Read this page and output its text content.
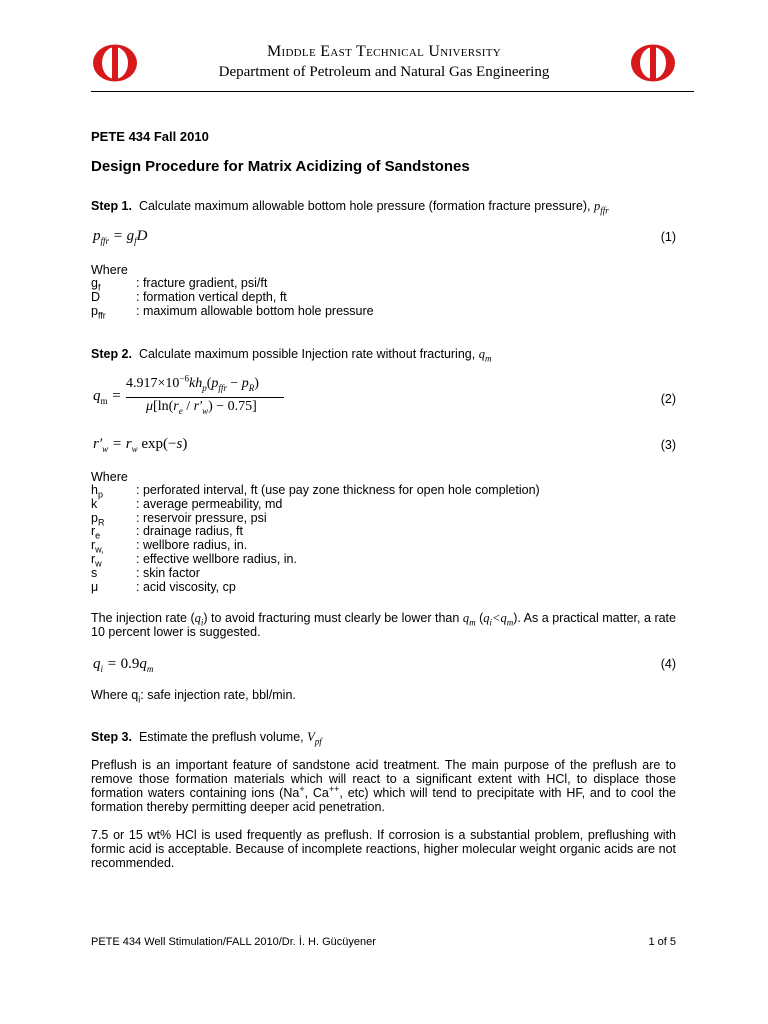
Middle East Technical University
Department of Petroleum and Natural Gas Engineering
PETE 434 Fall 2010
Design Procedure for Matrix Acidizing of Sandstones
Step 1. Calculate maximum allowable bottom hole pressure (formation fracture pressure), $p_{ffr}$
$p_{ffr} = g_fD$	(1)
Where
$g_f$	: fracture gradient, psi/ft
D	: formation vertical depth, ft
$p_{ffr}$	: maximum allowable bottom hole pressure
Step 2. Calculate maximum possible Injection rate without fracturing, $q_m$
$q_m$ =
$4.917\times 10^{-6}kh_p(p_{ffr} - p_R)$
$\mu[\ln(r_e / r'_w) - 0.75]$	(2)
$r'_w = r_w$ exp(−s)	(3)
Where
$h_p$	: perforated interval, ft (use pay zone thickness for open hole completion)
k	: average permeability, md
$p_R$	: reservoir pressure, psi
$r_e$	: drainage radius, ft
$r_{w,}$	: wellbore radius, in.
$r_w$	: effective wellbore radius, in.
s	: skin factor
μ	: acid viscosity, cp
The injection rate $(q_i)$ to avoid fracturing must clearly be lower than $q_m$ $(q_i<q_m)$. As a practical matter, a rate 10 percent lower is suggested.
$q_i = 0.9q_m$	(4)
Where $q_i$: safe injection rate, bbl/min.
Step 3. Estimate the preflush volume, $V_{pf}$
Preflush is an important feature of sandstone acid treatment. The main purpose of the preflush are to remove those formation materials which will react to a significant extent with HCl, to displace those formation waters containing ions (Na+, Ca++, etc) which will tend to precipitate with HF, and to cool the formation thereby permitting deeper acid penetration.
7.5 or 15 wt% HCl is used frequently as preflush. If corrosion is a substantial problem, preflushing with formic acid is acceptable. Because of incomplete reactions, higher molecular weight organic acids are not recommended.
PETE 434 Well Stimulation/FALL 2010/Dr. İ. H. Gücüyener	1 of 5
